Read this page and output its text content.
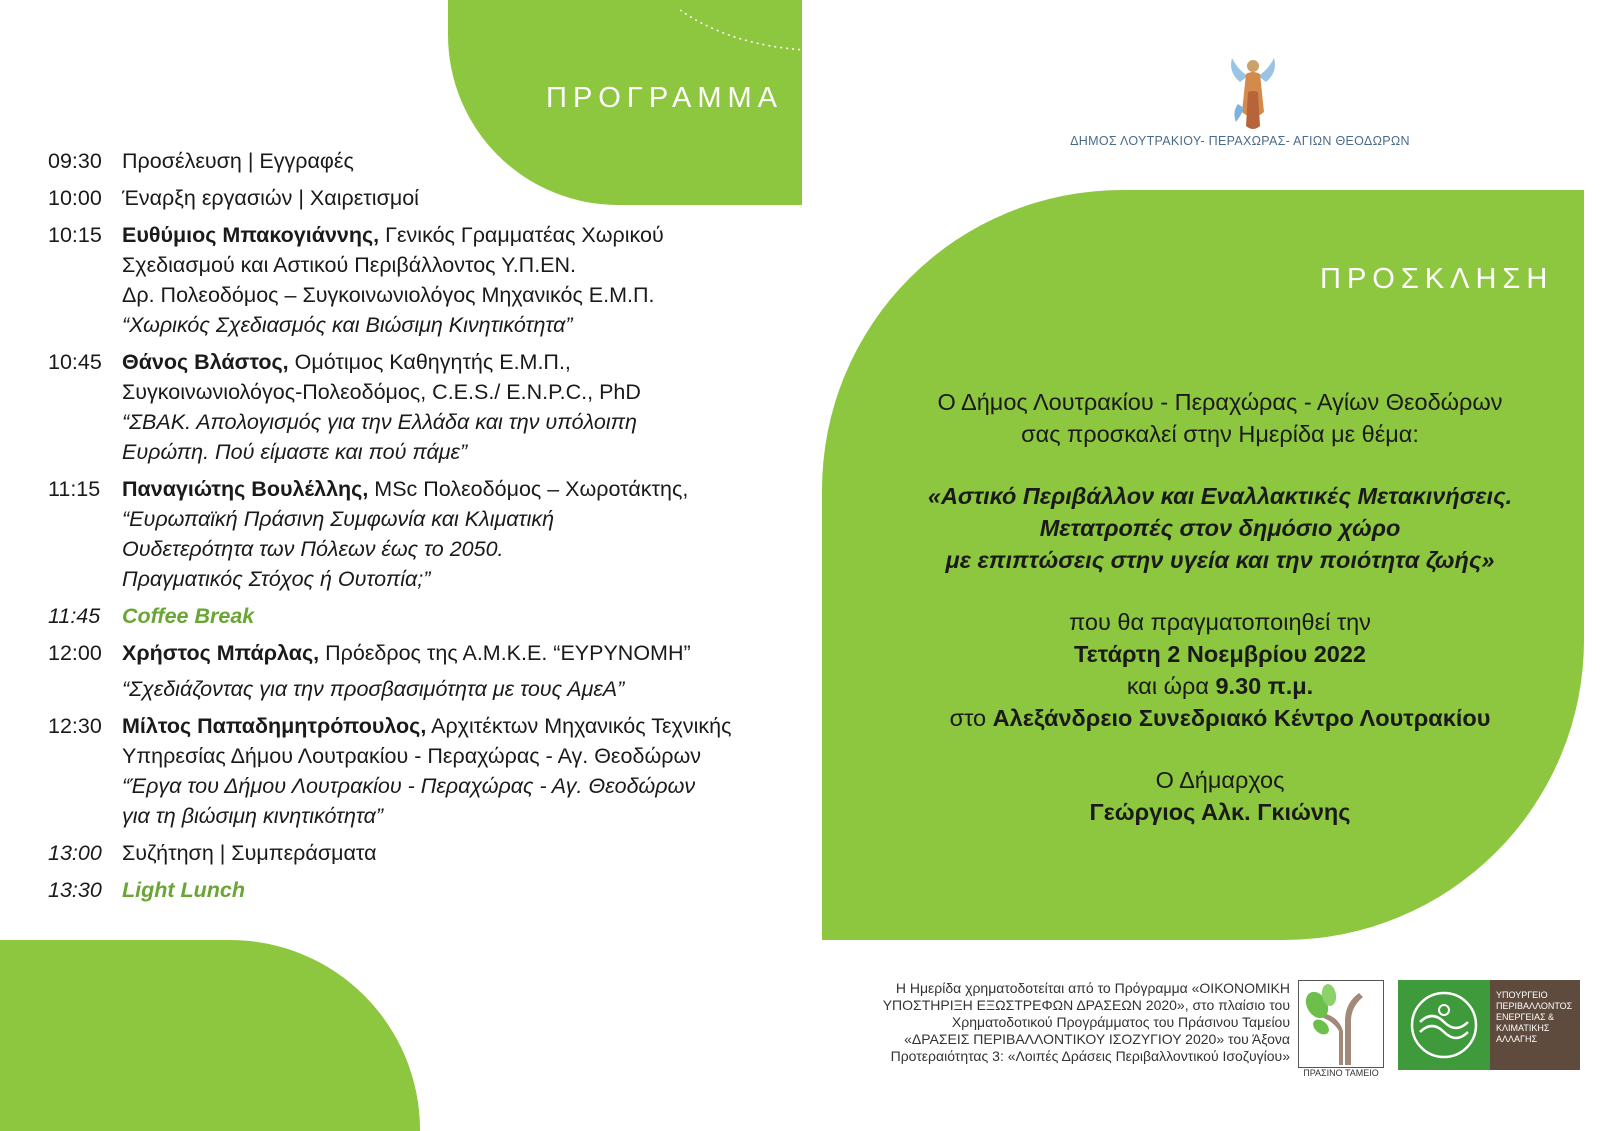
ΠΡΟΓΡΑΜΜΑ
ΠΡΟΣΚΛΗΣΗ
09:30 Προσέλευση | Εγγραφές
10:00 Έναρξη εργασιών | Χαιρετισμοί
10:15 Ευθύμιος Μπακογιάννης, Γενικός Γραμματέας Χωρικού
Σχεδιασμού και Αστικού Περιβάλλοντος Υ.Π.ΕΝ.
Δρ. Πολεοδόμος – Συγκοινωνιολόγος Μηχανικός Ε.Μ.Π.
“Χωρικός Σχεδιασμός και Βιώσιμη Κινητικότητα”
10:45 Θάνος Βλάστος, Ομότιμος Καθηγητής Ε.Μ.Π.,
Συγκοινωνιολόγος-Πολεοδόμος, C.E.S./ E.N.P.C., PhD
“ΣΒΑΚ. Απολογισμός για την Ελλάδα και την υπόλοιπη
Ευρώπη. Πού είμαστε και πού πάμε”
11:15	Παναγιώτης Βουλέλλης, MSc Πολεοδόμος – Χωροτάκτης,
“Ευρωπαϊκή Πράσινη Συμφωνία και Κλιματική
Ουδετερότητα των Πόλεων έως το 2050.
Πραγματικός Στόχος ή Ουτοπία;”
11:45	Coffee Break
12:00 Χρήστος Μπάρλας, Πρόεδρος της Α.Μ.Κ.Ε. “ΕΥΡΥΝΟΜΗ”
“Σχεδιάζοντας για την προσβασιμότητα με τους ΑμεΑ”
12:30 Μίλτος Παπαδημητρόπουλος, Αρχιτέκτων Μηχανικός Τεχνικής
Υπηρεσίας Δήμου Λουτρακίου - Περαχώρας - Αγ. Θεοδώρων
“Έργα του Δήμου Λουτρακίου - Περαχώρας - Αγ. Θεοδώρων
για τη βιώσιμη κινητικότητα”
13:00 Συζήτηση | Συμπεράσματα
13:30 Light Lunch
ΔΗΜΟΣ ΛΟΥΤΡΑΚΙΟΥ- ΠΕΡΑΧΩΡΑΣ- ΑΓΙΩΝ ΘΕΟΔΩΡΩΝ

Ο Δήμος Λουτρακίου - Περαχώρας - Αγίων Θεοδώρων

σας προσκαλεί στην Ημερίδα με θέμα:

«Αστικό Περιβάλλον και Εναλλακτικές Μετακινήσεις.

Μετατροπές στον δημόσιο χώρο

με επιπτώσεις στην υγεία και την ποιότητα ζωής»

που θα πραγματοποιηθεί την

Τετάρτη 2 Νοεμβρίου 2022

και ώρα 9.30 π.μ.

στο Αλεξάνδρειο Συνεδριακό Κέντρο Λουτρακίου

Ο Δήμαρχος

Γεώργιος Αλκ. Γκιώνης

Η Ημερίδα χρηματοδοτείται από το Πρόγραμμα «ΟΙΚΟΝΟΜΙΚΗ
ΥΠΟΣΤΗΡΙΞΗ ΕΞΩΣΤΡΕΦΩΝ ΔΡΑΣΕΩΝ 2020», στο πλαίσιο του
Χρηματοδοτικού Προγράμματος του Πράσινου Ταμείου
«ΔΡΑΣΕΙΣ ΠΕΡΙΒΑΛΛΟΝΤΙΚΟΥ ΙΣΟΖΥΓΙΟΥ 2020» του Άξονα
Προτεραιότητας 3: «Λοιπές Δράσεις Περιβαλλοντικού Ισοζυγίου»
ΠΡΑΣΙΝΟ ΤΑΜΕΙΟ
ΥΠΟΥΡΓΕΙΟ
ΠΕΡΙΒΑΛΛΟΝΤΟΣ
ΕΝΕΡΓΕΙΑΣ &
ΚΛΙΜΑΤΙΚΗΣ
ΑΛΛΑΓΗΣ
